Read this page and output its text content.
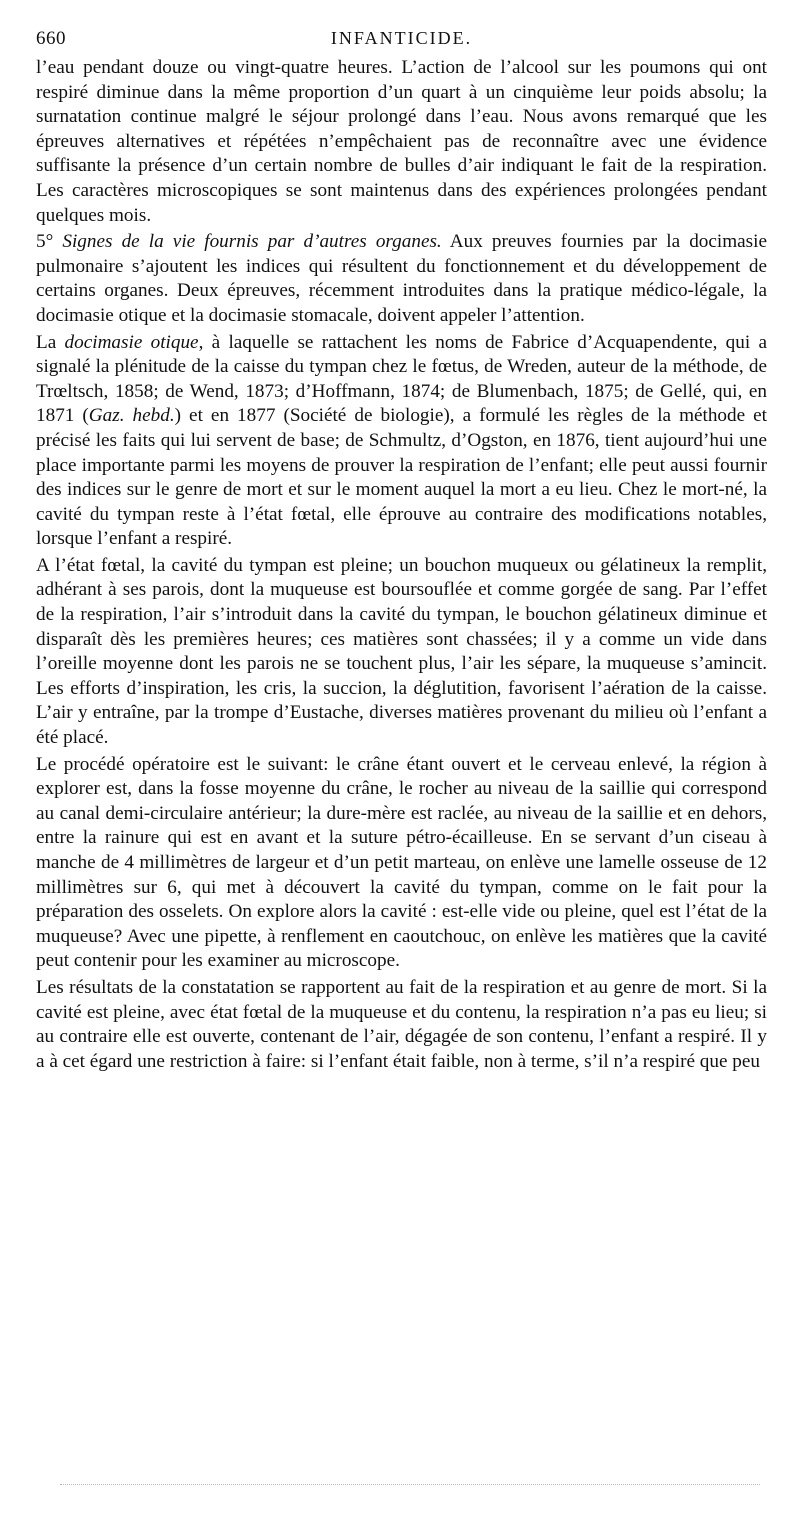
660	INFANTICIDE.

l’eau pendant douze ou vingt-quatre heures. L’action de l’alcool sur les poumons qui ont respiré diminue dans la même proportion d’un quart à un cinquième leur poids absolu; la surnatation continue malgré le séjour prolongé dans l’eau. Nous avons remarqué que les épreuves alternatives et répétées n’empêchaient pas de reconnaître avec une évidence suffisante la présence d’un certain nombre de bulles d’air indiquant le fait de la respiration. Les caractères microscopiques se sont maintenus dans des expériences prolongées pendant quelques mois.

5° Signes de la vie fournis par d’autres organes. Aux preuves fournies par la docimasie pulmonaire s’ajoutent les indices qui résultent du fonctionnement et du développement de certains organes. Deux épreuves, récemment introduites dans la pratique médico-légale, la docimasie otique et la docimasie stomacale, doivent appeler l’attention.

La docimasie otique, à laquelle se rattachent les noms de Fabrice d’Acquapendente, qui a signalé la plénitude de la caisse du tympan chez le fœtus, de Wreden, auteur de la méthode, de Trœltsch, 1858; de Wend, 1873; d’Hoffmann, 1874; de Blumenbach, 1875; de Gellé, qui, en 1871 (Gaz. hebd.) et en 1877 (Société de biologie), a formulé les règles de la méthode et précisé les faits qui lui servent de base; de Schmultz, d’Ogston, en 1876, tient aujourd’hui une place importante parmi les moyens de prouver la respiration de l’enfant; elle peut aussi fournir des indices sur le genre de mort et sur le moment auquel la mort a eu lieu. Chez le mort-né, la cavité du tympan reste à l’état fœtal, elle éprouve au contraire des modifications notables, lorsque l’enfant a respiré.

A l’état fœtal, la cavité du tympan est pleine; un bouchon muqueux ou gélatineux la remplit, adhérant à ses parois, dont la muqueuse est boursouflée et comme gorgée de sang. Par l’effet de la respiration, l’air s’introduit dans la cavité du tympan, le bouchon gélatineux diminue et disparaît dès les premières heures; ces matières sont chassées; il y a comme un vide dans l’oreille moyenne dont les parois ne se touchent plus, l’air les sépare, la muqueuse s’amincit. Les efforts d’inspiration, les cris, la succion, la déglutition, favorisent l’aération de la caisse. L’air y entraîne, par la trompe d’Eustache, diverses matières provenant du milieu où l’enfant a été placé.

Le procédé opératoire est le suivant: le crâne étant ouvert et le cerveau enlevé, la région à explorer est, dans la fosse moyenne du crâne, le rocher au niveau de la saillie qui correspond au canal demi-circulaire antérieur; la dure-mère est raclée, au niveau de la saillie et en dehors, entre la rainure qui est en avant et la suture pétro-écailleuse. En se servant d’un ciseau à manche de 4 millimètres de largeur et d’un petit marteau, on enlève une lamelle osseuse de 12 millimètres sur 6, qui met à découvert la cavité du tympan, comme on le fait pour la préparation des osselets. On explore alors la cavité : est-elle vide ou pleine, quel est l’état de la muqueuse? Avec une pipette, à renflement en caoutchouc, on enlève les matières que la cavité peut contenir pour les examiner au microscope.

Les résultats de la constatation se rapportent au fait de la respiration et au genre de mort. Si la cavité est pleine, avec état fœtal de la muqueuse et du contenu, la respiration n’a pas eu lieu; si au contraire elle est ouverte, contenant de l’air, dégagée de son contenu, l’enfant a respiré. Il y a à cet égard une restriction à faire: si l’enfant était faible, non à terme, s’il n’a respiré que peu
